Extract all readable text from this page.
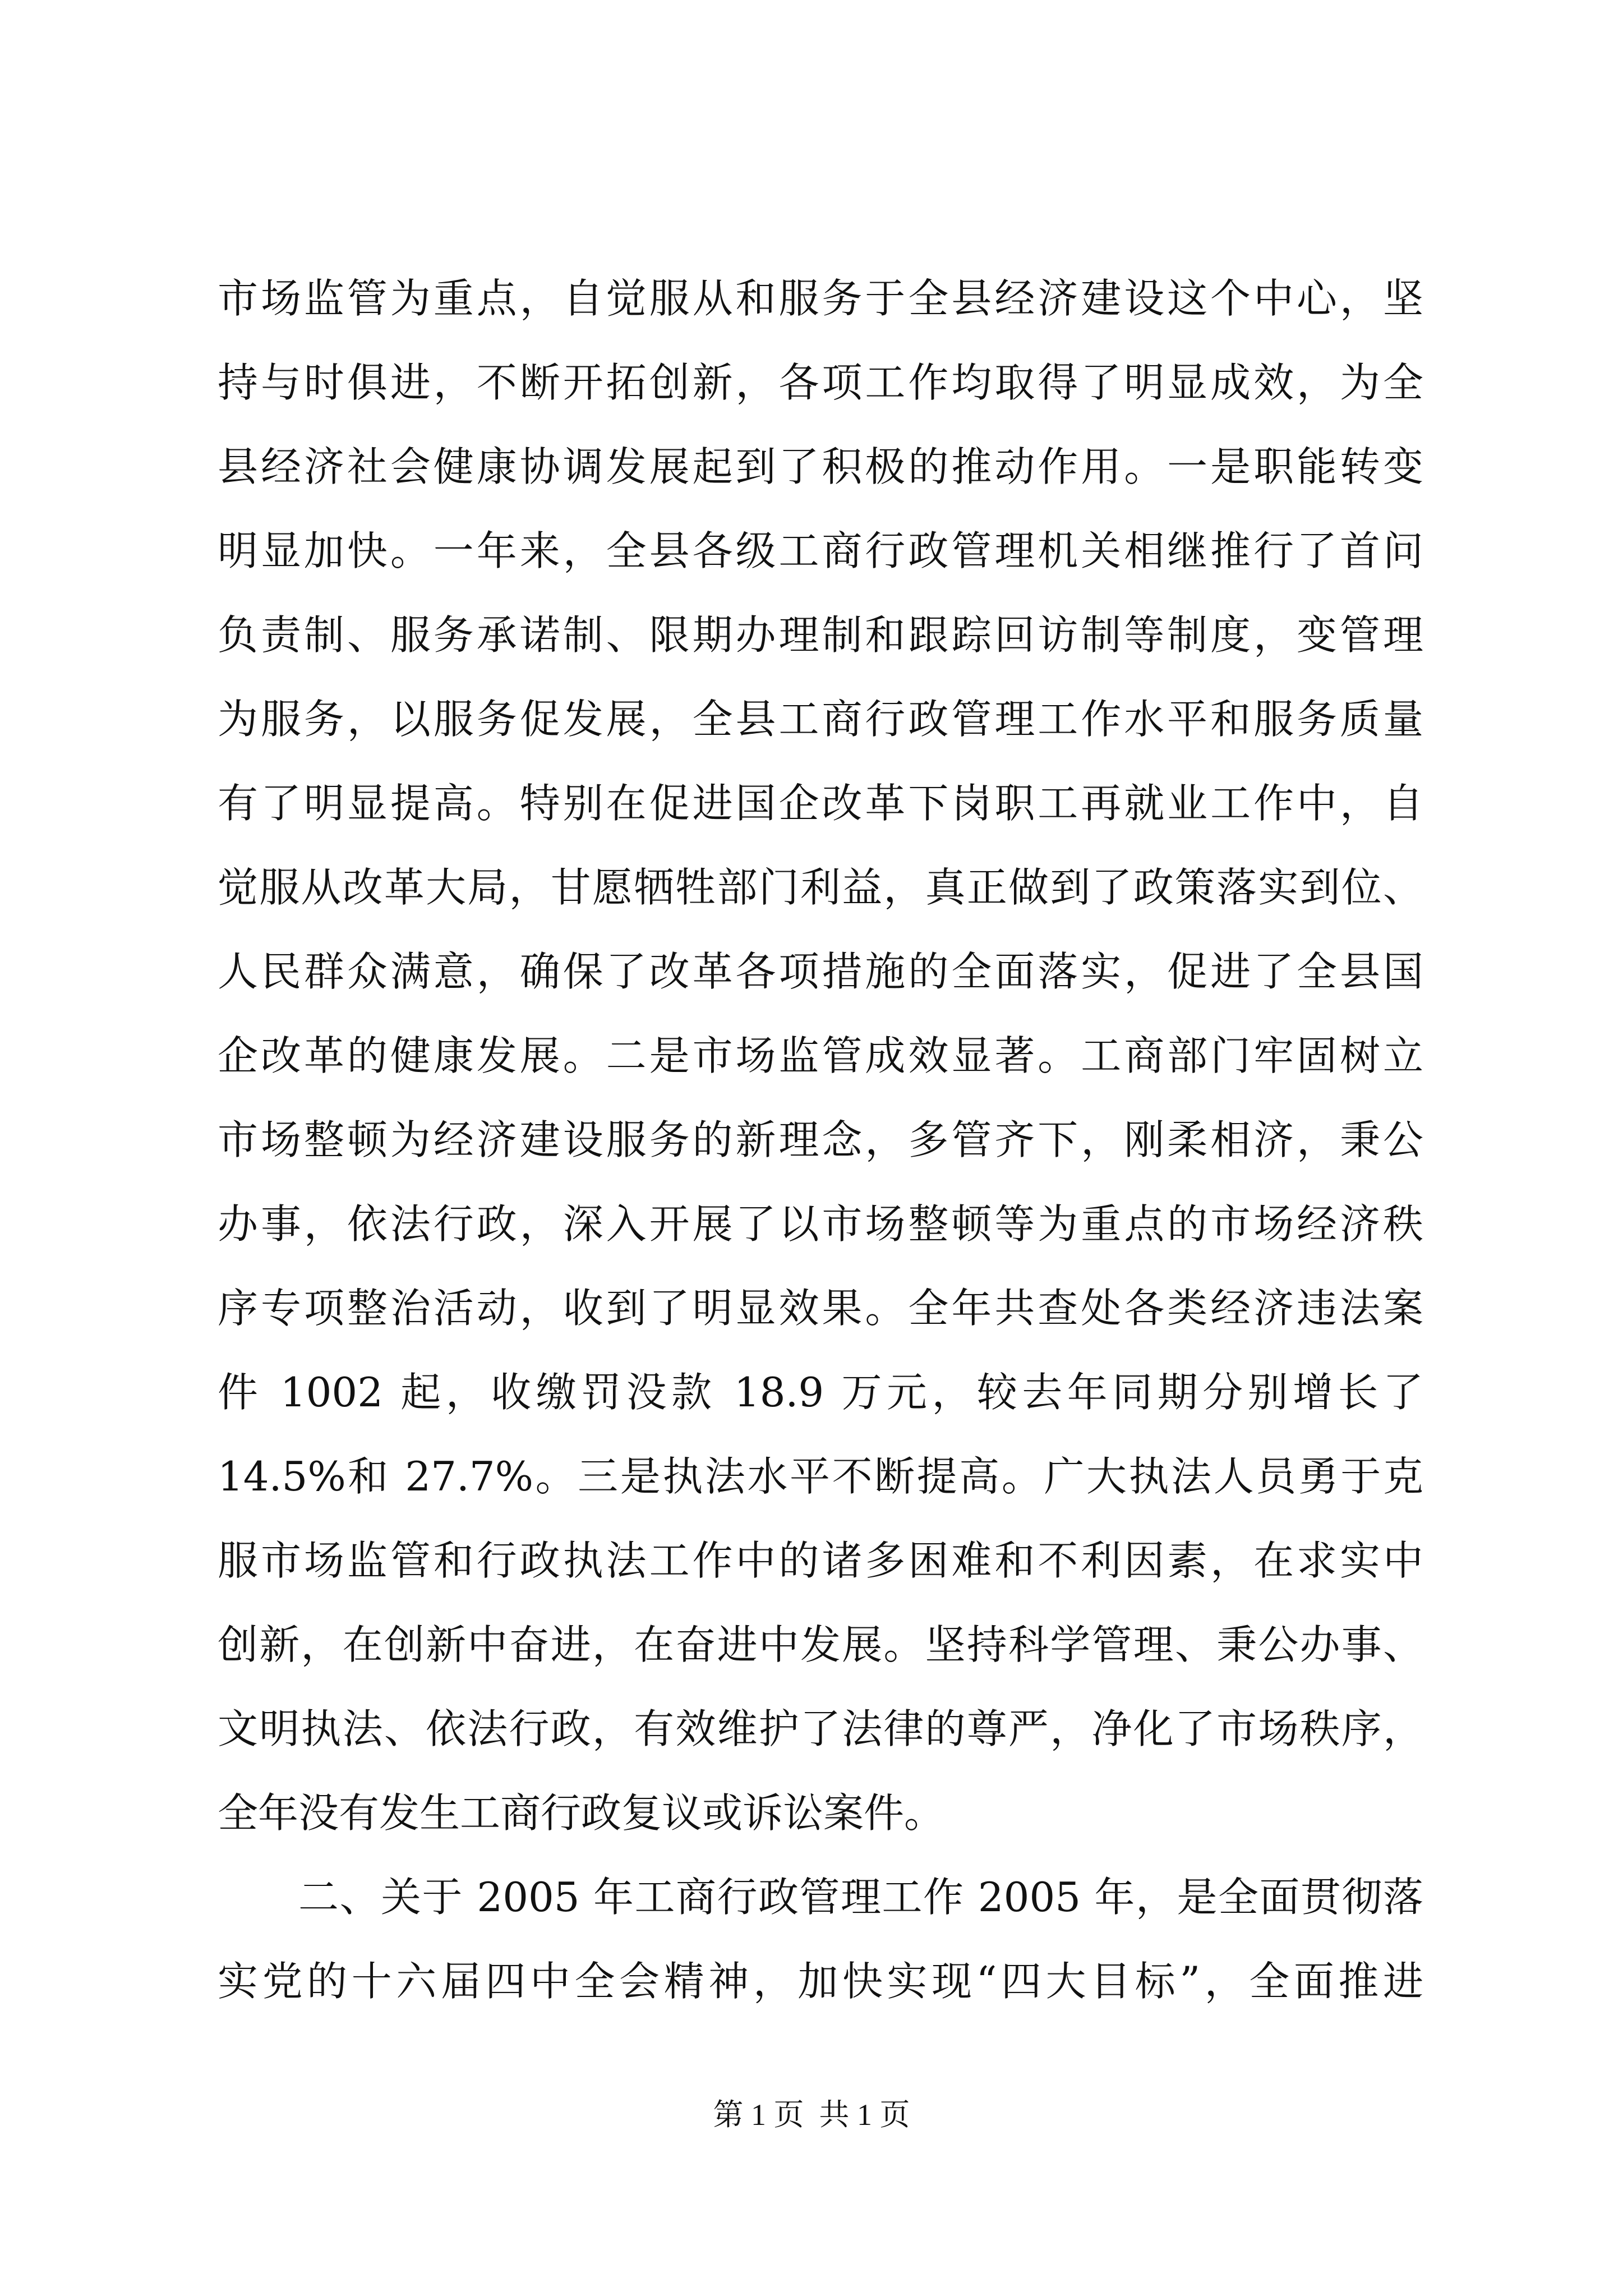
市场监管为重点，自觉服从和服务于全县经济建设这个中心，坚
持与时俱进，不断开拓创新，各项工作均取得了明显成效，为全
县经济社会健康协调发展起到了积极的推动作用。一是职能转变
明显加快。一年来，全县各级工商行政管理机关相继推行了首问
负责制、服务承诺制、限期办理制和跟踪回访制等制度，变管理
为服务，以服务促发展，全县工商行政管理工作水平和服务质量
有了明显提高。特别在促进国企改革下岗职工再就业工作中，自
觉服从改革大局，甘愿牺牲部门利益，真正做到了政策落实到位、
人民群众满意，确保了改革各项措施的全面落实，促进了全县国
企改革的健康发展。二是市场监管成效显著。工商部门牢固树立
市场整顿为经济建设服务的新理念，多管齐下，刚柔相济，秉公
办事，依法行政，深入开展了以市场整顿等为重点的市场经济秩
序专项整治活动，收到了明显效果。全年共查处各类经济违法案
件 1002 起，收缴罚没款 18.9 万元，较去年同期分别增长了
14.5%和 27.7%。三是执法水平不断提高。广大执法人员勇于克
服市场监管和行政执法工作中的诸多困难和不利因素，在求实中
创新，在创新中奋进，在奋进中发展。坚持科学管理、秉公办事、
文明执法、依法行政，有效维护了法律的尊严，净化了市场秩序，
全年没有发生工商行政复议或诉讼案件。
二、关于 2005 年工商行政管理工作 2005 年，是全面贯彻落
实党的十六届四中全会精神，加快实现“四大目标”，全面推进
第 1 页  共 1 页
